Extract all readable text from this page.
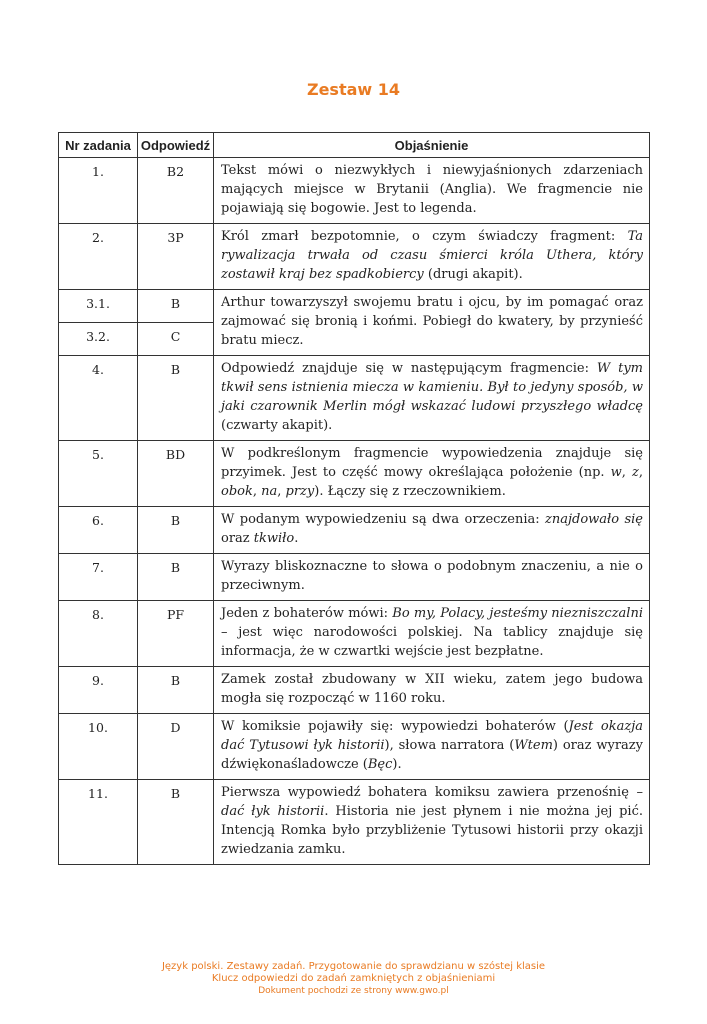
Zestaw 14
Nr zadania	Odpowiedź	Objaśnienie
1.	B2	Tekst mówi o niezwykłych i niewyjaśnionych zdarzeniach mających miejsce w Brytanii (Anglia). We fragmencie nie pojawiają się bogowie. Jest to legenda.
2.	3P	Król zmarł bezpotomnie, o czym świadczy fragment: Ta rywalizacja trwała od czasu śmierci króla Uthera, który zostawił kraj bez spadkobiercy (drugi akapit).
3.1.	B	Arthur towarzyszył swojemu bratu i ojcu, by im pomagać oraz zajmować się bronią i końmi. Pobiegł do kwatery, by przynieść bratu miecz.
3.2.	C	
4.	B	Odpowiedź znajduje się w następującym fragmencie: W tym tkwił sens istnienia miecza w kamieniu. Był to jedyny sposób, w jaki czarownik Merlin mógł wskazać ludowi przyszłego władcę (czwarty akapit).
5.	BD	W podkreślonym fragmencie wypowiedzenia znajduje się przyimek. Jest to część mowy określająca położenie (np. w, z, obok, na, przy). Łączy się z rzeczownikiem.
6.	B	W podanym wypowiedzeniu są dwa orzeczenia: znajdowało się oraz tkwiło.
7.	B	Wyrazy bliskoznaczne to słowa o podobnym znaczeniu, a nie o przeciwnym.
8.	PF	Jeden z bohaterów mówi: Bo my, Polacy, jesteśmy niezniszczalni – jest więc narodowości polskiej. Na tablicy znajduje się informacja, że w czwartki wejście jest bezpłatne.
9.	B	Zamek został zbudowany w XII wieku, zatem jego budowa mogła się rozpocząć w 1160 roku.
10.	D	W komiksie pojawiły się: wypowiedzi bohaterów (Jest okazja dać Tytusowi łyk historii), słowa narratora (Wtem) oraz wyrazy dźwiękonaśladowcze (Bęc).
11.	B	Pierwsza wypowiedź bohatera komiksu zawiera przenośnię – dać łyk historii. Historia nie jest płynem i nie można jej pić. Intencją Romka było przybliżenie Tytusowi historii przy okazji zwiedzania zamku.
Język polski. Zestawy zadań. Przygotowanie do sprawdzianu w szóstej klasie
Klucz odpowiedzi do zadań zamkniętych z objaśnieniami
Dokument pochodzi ze strony www.gwo.pl
